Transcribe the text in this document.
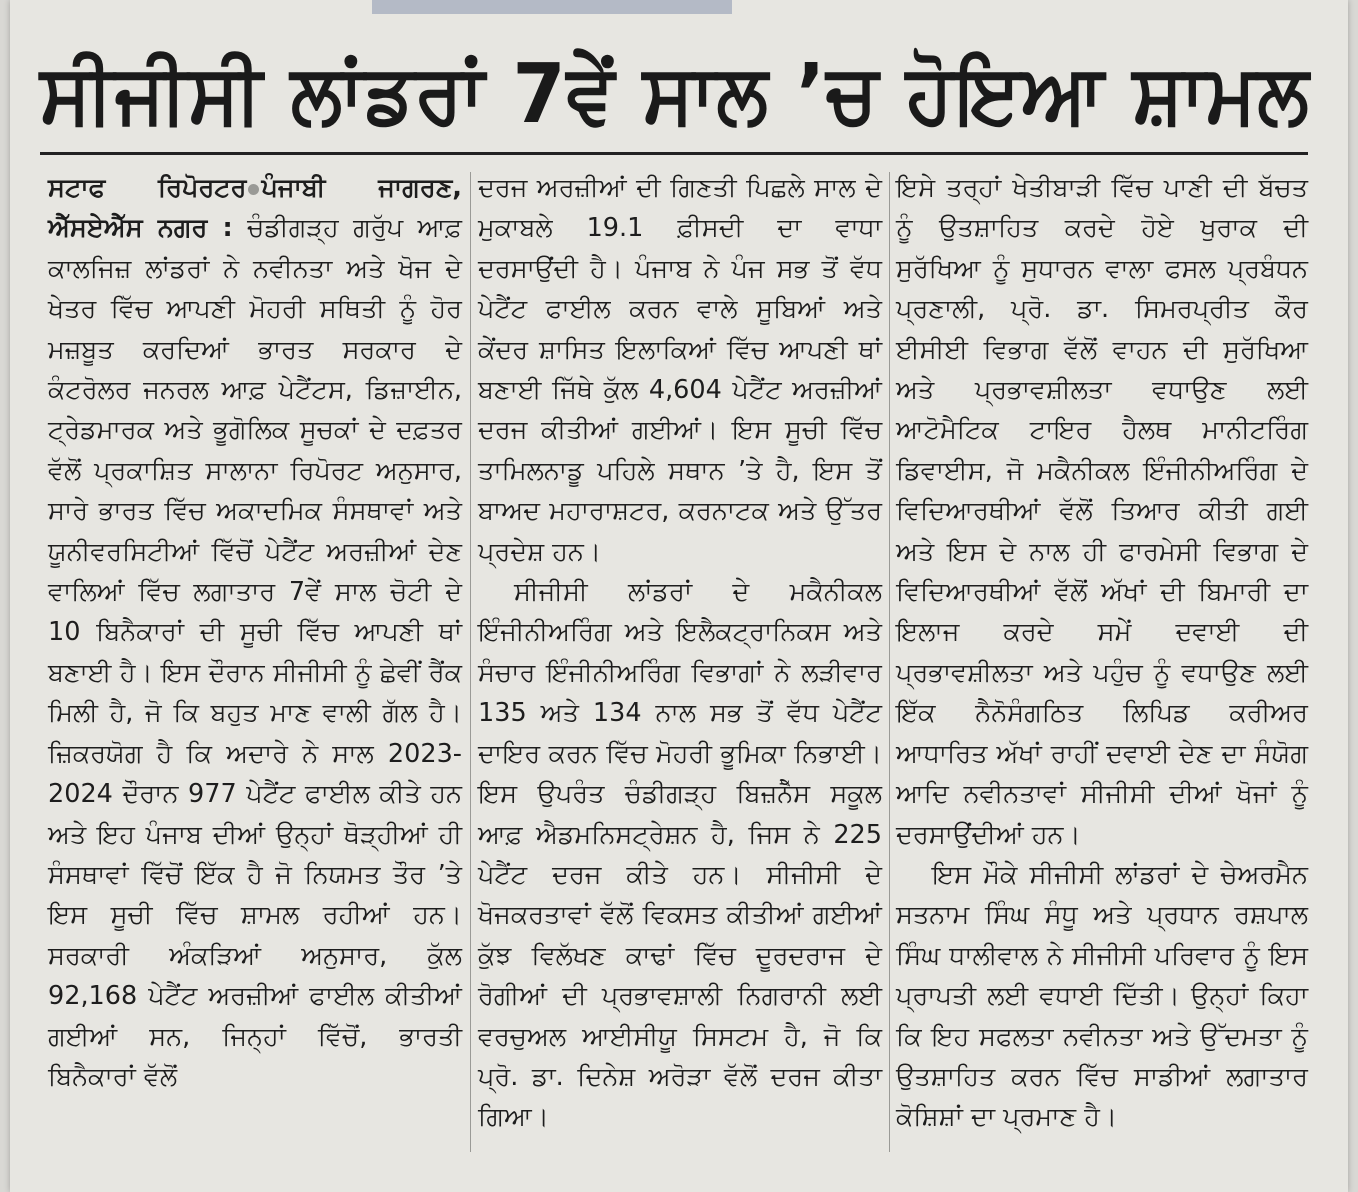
ਸੀਜੀਸੀ ਲਾਂਡਰਾਂ 7ਵੇਂ ਸਾਲ ’ਚ ਹੋਇਆ ਸ਼ਾਮਲ

ਸਟਾਫ ਰਿਪੋਰਟਰ ਪੰਜਾਬੀ ਜਾਗਰਣ, ਐੱਸਏਐੱਸ ਨਗਰ : ਚੰਡੀਗੜ੍ਹ ਗਰੁੱਪ ਆਫ਼ ਕਾਲਜਿਜ਼ ਲਾਂਡਰਾਂ ਨੇ ਨਵੀਨਤਾ ਅਤੇ ਖੋਜ ਦੇ ਖੇਤਰ ਵਿੱਚ ਆਪਣੀ ਮੋਹਰੀ ਸਥਿਤੀ ਨੂੰ ਹੋਰ ਮਜ਼ਬੂਤ ਕਰਦਿਆਂ ਭਾਰਤ ਸਰਕਾਰ ਦੇ ਕੰਟਰੋਲਰ ਜਨਰਲ ਆਫ਼ ਪੇਟੈਂਟਸ, ਡਿਜ਼ਾਈਨ, ਟ੍ਰੇਡਮਾਰਕ ਅਤੇ ਭੂਗੋਲਿਕ ਸੂਚਕਾਂ ਦੇ ਦਫ਼ਤਰ ਵੱਲੋਂ ਪ੍ਰਕਾਸ਼ਿਤ ਸਾਲਾਨਾ ਰਿਪੋਰਟ ਅਨੁਸਾਰ, ਸਾਰੇ ਭਾਰਤ ਵਿੱਚ ਅਕਾਦਮਿਕ ਸੰਸਥਾਵਾਂ ਅਤੇ ਯੂਨੀਵਰਸਿਟੀਆਂ ਵਿੱਚੋਂ ਪੇਟੈਂਟ ਅਰਜ਼ੀਆਂ ਦੇਣ ਵਾਲਿਆਂ ਵਿੱਚ ਲਗਾਤਾਰ 7ਵੇਂ ਸਾਲ ਚੋਟੀ ਦੇ 10 ਬਿਨੈਕਾਰਾਂ ਦੀ ਸੂਚੀ ਵਿੱਚ ਆਪਣੀ ਥਾਂ ਬਣਾਈ ਹੈ। ਇਸ ਦੌਰਾਨ ਸੀਜੀਸੀ ਨੂੰ ਛੇਵੀਂ ਰੈਂਕ ਮਿਲੀ ਹੈ, ਜੋ ਕਿ ਬਹੁਤ ਮਾਣ ਵਾਲੀ ਗੱਲ ਹੈ। ਜ਼ਿਕਰਯੋਗ ਹੈ ਕਿ ਅਦਾਰੇ ਨੇ ਸਾਲ 2023-2024 ਦੌਰਾਨ 977 ਪੇਟੈਂਟ ਫਾਈਲ ਕੀਤੇ ਹਨ ਅਤੇ ਇਹ ਪੰਜਾਬ ਦੀਆਂ ਉਨ੍ਹਾਂ ਥੋੜ੍ਹੀਆਂ ਹੀ ਸੰਸਥਾਵਾਂ ਵਿੱਚੋਂ ਇੱਕ ਹੈ ਜੋ ਨਿਯਮਤ ਤੌਰ ’ਤੇ ਇਸ ਸੂਚੀ ਵਿੱਚ ਸ਼ਾਮਲ ਰਹੀਆਂ ਹਨ। ਸਰਕਾਰੀ ਅੰਕੜਿਆਂ ਅਨੁਸਾਰ, ਕੁੱਲ 92,168 ਪੇਟੈਂਟ ਅਰਜ਼ੀਆਂ ਫਾਈਲ ਕੀਤੀਆਂ ਗਈਆਂ ਸਨ, ਜਿਨ੍ਹਾਂ ਵਿੱਚੋਂ, ਭਾਰਤੀ ਬਿਨੈਕਾਰਾਂ ਵੱਲੋਂ

ਦਰਜ ਅਰਜ਼ੀਆਂ ਦੀ ਗਿਣਤੀ ਪਿਛਲੇ ਸਾਲ ਦੇ ਮੁਕਾਬਲੇ 19.1 ਫ਼ੀਸਦੀ ਦਾ ਵਾਧਾ ਦਰਸਾਉਂਦੀ ਹੈ। ਪੰਜਾਬ ਨੇ ਪੰਜ ਸਭ ਤੋਂ ਵੱਧ ਪੇਟੈਂਟ ਫਾਈਲ ਕਰਨ ਵਾਲੇ ਸੂਬਿਆਂ ਅਤੇ ਕੇਂਦਰ ਸ਼ਾਸਿਤ ਇਲਾਕਿਆਂ ਵਿੱਚ ਆਪਣੀ ਥਾਂ ਬਣਾਈ ਜਿੱਥੇ ਕੁੱਲ 4,604 ਪੇਟੈਂਟ ਅਰਜ਼ੀਆਂ ਦਰਜ ਕੀਤੀਆਂ ਗਈਆਂ। ਇਸ ਸੂਚੀ ਵਿੱਚ ਤਾਮਿਲਨਾਡੂ ਪਹਿਲੇ ਸਥਾਨ ’ਤੇ ਹੈ, ਇਸ ਤੋਂ ਬਾਅਦ ਮਹਾਰਾਸ਼ਟਰ, ਕਰਨਾਟਕ ਅਤੇ ਉੱਤਰ ਪ੍ਰਦੇਸ਼ ਹਨ।

ਸੀਜੀਸੀ ਲਾਂਡਰਾਂ ਦੇ ਮਕੈਨੀਕਲ ਇੰਜੀਨੀਅਰਿੰਗ ਅਤੇ ਇਲੈਕਟ੍ਰਾਨਿਕਸ ਅਤੇ ਸੰਚਾਰ ਇੰਜੀਨੀਅਰਿੰਗ ਵਿਭਾਗਾਂ ਨੇ ਲੜੀਵਾਰ 135 ਅਤੇ 134 ਨਾਲ ਸਭ ਤੋਂ ਵੱਧ ਪੇਟੈਂਟ ਦਾਇਰ ਕਰਨ ਵਿੱਚ ਮੋਹਰੀ ਭੂਮਿਕਾ ਨਿਭਾਈ। ਇਸ ਉਪਰੰਤ ਚੰਡੀਗੜ੍ਹ ਬਿਜ਼ਨੈੱਸ ਸਕੂਲ ਆਫ਼ ਐਡਮਨਿਸਟ੍ਰੇਸ਼ਨ ਹੈ, ਜਿਸ ਨੇ 225 ਪੇਟੈਂਟ ਦਰਜ ਕੀਤੇ ਹਨ। ਸੀਜੀਸੀ ਦੇ ਖੋਜਕਰਤਾਵਾਂ ਵੱਲੋਂ ਵਿਕਸਤ ਕੀਤੀਆਂ ਗਈਆਂ ਕੁੱਝ ਵਿਲੱਖਣ ਕਾਢਾਂ ਵਿੱਚ ਦੂਰਦਰਾਜ ਦੇ ਰੋਗੀਆਂ ਦੀ ਪ੍ਰਭਾਵਸ਼ਾਲੀ ਨਿਗਰਾਨੀ ਲਈ ਵਰਚੁਅਲ ਆਈਸੀਯੂ ਸਿਸਟਮ ਹੈ, ਜੋ ਕਿ ਪ੍ਰੋ. ਡਾ. ਦਿਨੇਸ਼ ਅਰੋੜਾ ਵੱਲੋਂ ਦਰਜ ਕੀਤਾ ਗਿਆ।

ਇਸੇ ਤਰ੍ਹਾਂ ਖੇਤੀਬਾੜੀ ਵਿੱਚ ਪਾਣੀ ਦੀ ਬੱਚਤ ਨੂੰ ਉਤਸ਼ਾਹਿਤ ਕਰਦੇ ਹੋਏ ਖੁਰਾਕ ਦੀ ਸੁਰੱਖਿਆ ਨੂੰ ਸੁਧਾਰਨ ਵਾਲਾ ਫਸਲ ਪ੍ਰਬੰਧਨ ਪ੍ਰਣਾਲੀ, ਪ੍ਰੋ. ਡਾ. ਸਿਮਰਪ੍ਰੀਤ ਕੌਰ ਈਸੀਈ ਵਿਭਾਗ ਵੱਲੋਂ ਵਾਹਨ ਦੀ ਸੁਰੱਖਿਆ ਅਤੇ ਪ੍ਰਭਾਵਸ਼ੀਲਤਾ ਵਧਾਉਣ ਲਈ ਆਟੋਮੈਟਿਕ ਟਾਇਰ ਹੈਲਥ ਮਾਨੀਟਰਿੰਗ ਡਿਵਾਈਸ, ਜੋ ਮਕੈਨੀਕਲ ਇੰਜੀਨੀਅਰਿੰਗ ਦੇ ਵਿਦਿਆਰਥੀਆਂ ਵੱਲੋਂ ਤਿਆਰ ਕੀਤੀ ਗਈ ਅਤੇ ਇਸ ਦੇ ਨਾਲ ਹੀ ਫਾਰਮੇਸੀ ਵਿਭਾਗ ਦੇ ਵਿਦਿਆਰਥੀਆਂ ਵੱਲੋਂ ਅੱਖਾਂ ਦੀ ਬਿਮਾਰੀ ਦਾ ਇਲਾਜ ਕਰਦੇ ਸਮੇਂ ਦਵਾਈ ਦੀ ਪ੍ਰਭਾਵਸ਼ੀਲਤਾ ਅਤੇ ਪਹੁੰਚ ਨੂੰ ਵਧਾਉਣ ਲਈ ਇੱਕ ਨੈਨੋਸੰਗਠਿਤ ਲਿਪਿਡ ਕਰੀਅਰ ਆਧਾਰਿਤ ਅੱਖਾਂ ਰਾਹੀਂ ਦਵਾਈ ਦੇਣ ਦਾ ਸੰਯੋਗ ਆਦਿ ਨਵੀਨਤਾਵਾਂ ਸੀਜੀਸੀ ਦੀਆਂ ਖੋਜਾਂ ਨੂੰ ਦਰਸਾਉਂਦੀਆਂ ਹਨ।

ਇਸ ਮੌਕੇ ਸੀਜੀਸੀ ਲਾਂਡਰਾਂ ਦੇ ਚੇਅਰਮੈਨ ਸਤਨਾਮ ਸਿੰਘ ਸੰਧੂ ਅਤੇ ਪ੍ਰਧਾਨ ਰਸ਼ਪਾਲ ਸਿੰਘ ਧਾਲੀਵਾਲ ਨੇ ਸੀਜੀਸੀ ਪਰਿਵਾਰ ਨੂੰ ਇਸ ਪ੍ਰਾਪਤੀ ਲਈ ਵਧਾਈ ਦਿੱਤੀ। ਉਨ੍ਹਾਂ ਕਿਹਾ ਕਿ ਇਹ ਸਫਲਤਾ ਨਵੀਨਤਾ ਅਤੇ ਉੱਦਮਤਾ ਨੂੰ ਉਤਸ਼ਾਹਿਤ ਕਰਨ ਵਿੱਚ ਸਾਡੀਆਂ ਲਗਾਤਾਰ ਕੋਸ਼ਿਸ਼ਾਂ ਦਾ ਪ੍ਰਮਾਣ ਹੈ।
